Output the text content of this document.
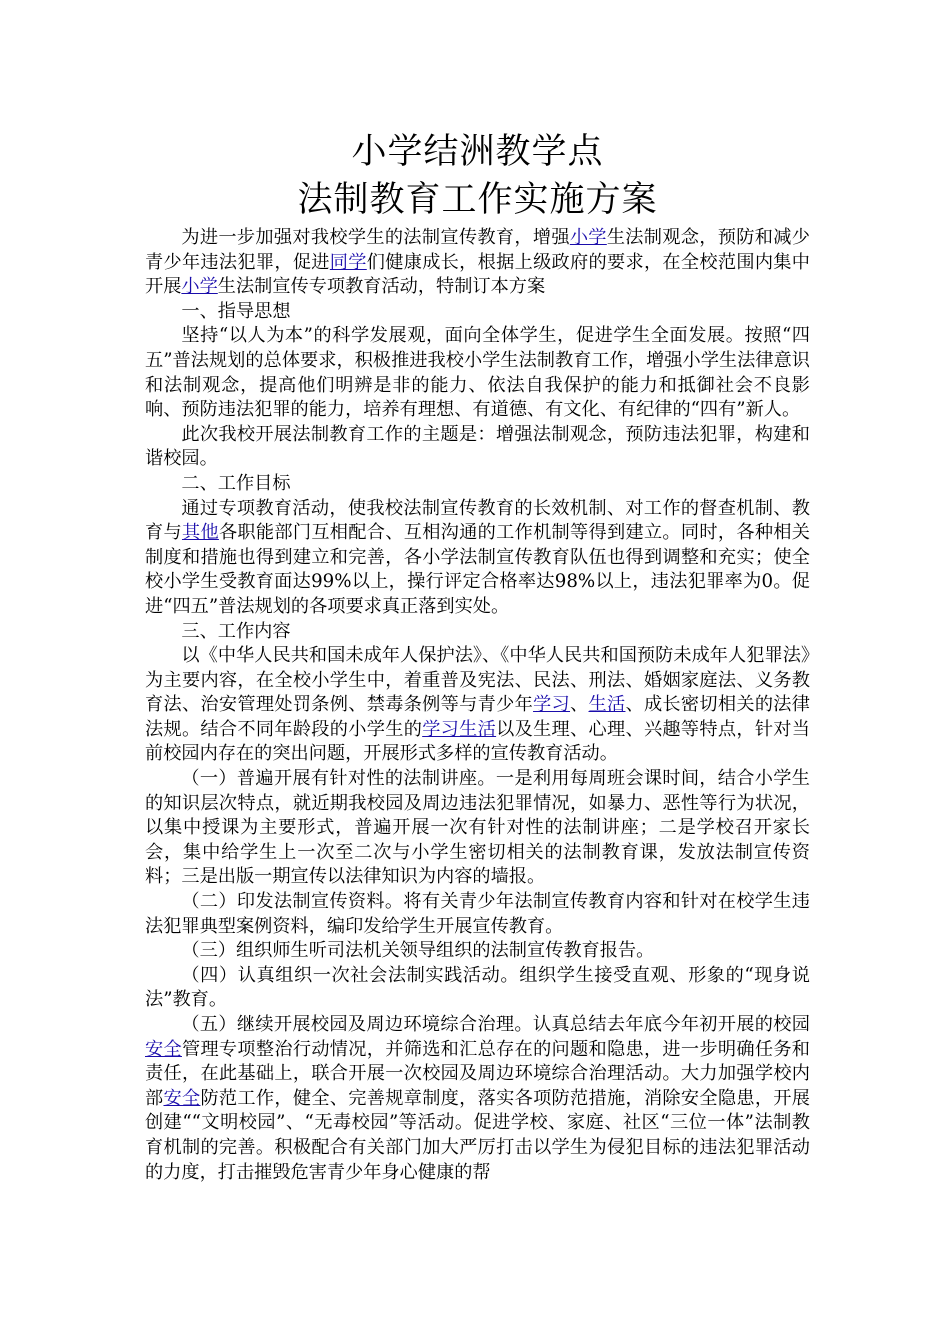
小学结洲教学点
法制教育工作实施方案

为进一步加强对我校学生的法制宣传教育，增强小学生法制观念，预防和减少青少年违法犯罪，促进同学们健康成长，根据上级政府的要求，在全校范围内集中开展小学生法制宣传专项教育活动，特制订本方案

一、指导思想

坚持“以人为本”的科学发展观，面向全体学生，促进学生全面发展。按照“四五”普法规划的总体要求，积极推进我校小学生法制教育工作，增强小学生法律意识和法制观念，提高他们明辨是非的能力、依法自我保护的能力和抵御社会不良影响、预防违法犯罪的能力，培养有理想、有道德、有文化、有纪律的“四有”新人。

此次我校开展法制教育工作的主题是：增强法制观念，预防违法犯罪，构建和谐校园。

二、工作目标

通过专项教育活动，使我校法制宣传教育的长效机制、对工作的督查机制、教育与其他各职能部门互相配合、互相沟通的工作机制等得到建立。同时，各种相关制度和措施也得到建立和完善，各小学法制宣传教育队伍也得到调整和充实；使全校小学生受教育面达99%以上，操行评定合格率达98%以上，违法犯罪率为0。促进“四五”普法规划的各项要求真正落到实处。

三、工作内容

以《中华人民共和国未成年人保护法》、《中华人民共和国预防未成年人犯罪法》为主要内容，在全校小学生中，着重普及宪法、民法、刑法、婚姻家庭法、义务教育法、治安管理处罚条例、禁毒条例等与青少年学习、生活、成长密切相关的法律法规。结合不同年龄段的小学生的学习生活以及生理、心理、兴趣等特点，针对当前校园内存在的突出问题，开展形式多样的宣传教育活动。

（一）普遍开展有针对性的法制讲座。一是利用每周班会课时间，结合小学生的知识层次特点，就近期我校园及周边违法犯罪情况，如暴力、恶性等行为状况，以集中授课为主要形式，普遍开展一次有针对性的法制讲座；二是学校召开家长会，集中给学生上一次至二次与小学生密切相关的法制教育课，发放法制宣传资料；三是出版一期宣传以法律知识为内容的墙报。

（二）印发法制宣传资料。将有关青少年法制宣传教育内容和针对在校学生违法犯罪典型案例资料，编印发给学生开展宣传教育。

（三）组织师生听司法机关领导组织的法制宣传教育报告。

（四）认真组织一次社会法制实践活动。组织学生接受直观、形象的“现身说法”教育。

（五）继续开展校园及周边环境综合治理。认真总结去年底今年初开展的校园安全管理专项整治行动情况，并筛选和汇总存在的问题和隐患，进一步明确任务和责任，在此基础上，联合开展一次校园及周边环境综合治理活动。大力加强学校内部安全防范工作，健全、完善规章制度，落实各项防范措施，消除安全隐患，开展创建““文明校园”、“无毒校园”等活动。促进学校、家庭、社区“三位一体”法制教育机制的完善。积极配合有关部门加大严厉打击以学生为侵犯目标的违法犯罪活动的力度，打击摧毁危害青少年身心健康的帮
